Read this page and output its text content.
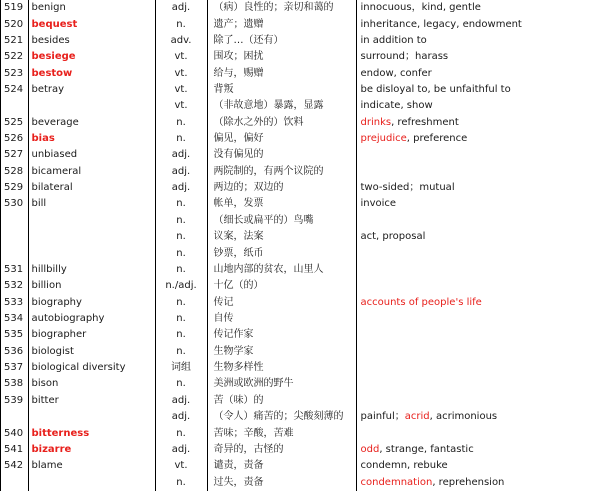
519	benign	adj.	（病）良性的；亲切和蔼的	innocuous，kind, gentle
520	bequest	n.	遗产；遗赠	inheritance, legacy, endowment
521	besides	adv.	除了…（还有）	in addition to
522	besiege	vt.	围攻；困扰	surround；harass
523	bestow	vt.	给与，赐赠	endow, confer
524	betray	vt.	背叛	be disloyal to, be unfaithful to
		vt.	（非故意地）暴露，显露	indicate, show
525	beverage	n.	（除水之外的）饮料	drinks, refreshment
526	bias	n.	偏见，偏好	prejudice, preference
527	unbiased	adj.	没有偏见的	
528	bicameral	adj.	两院制的，有两个议院的	
529	bilateral	adj.	两边的；双边的	two-sided；mutual
530	bill	n.	帐单，发票	invoice
		n.	（细长或扁平的）鸟嘴	
		n.	议案，法案	act, proposal
		n.	钞票，纸币	
531	hillbilly	n.	山地内部的贫农，山里人	
532	billion	n./adj.	十亿（的）	
533	biography	n.	传记	accounts of people's life
534	autobiography	n.	自传	
535	biographer	n.	传记作家	
536	biologist	n.	生物学家	
537	biological diversity	词组	生物多样性	
538	bison	n.	美洲或欧洲的野牛	
539	bitter	adj.	苦（味）的	
		adj.	（令人）痛苦的；尖酸刻薄的	painful；acrid, acrimonious
540	bitterness	n.	苦味；辛酸，苦难	
541	bizarre	adj.	奇异的，古怪的	odd, strange, fantastic
542	blame	vt.	谴责，责备	condemn, rebuke
		n.	过失，责备	condemnation, reprehension
